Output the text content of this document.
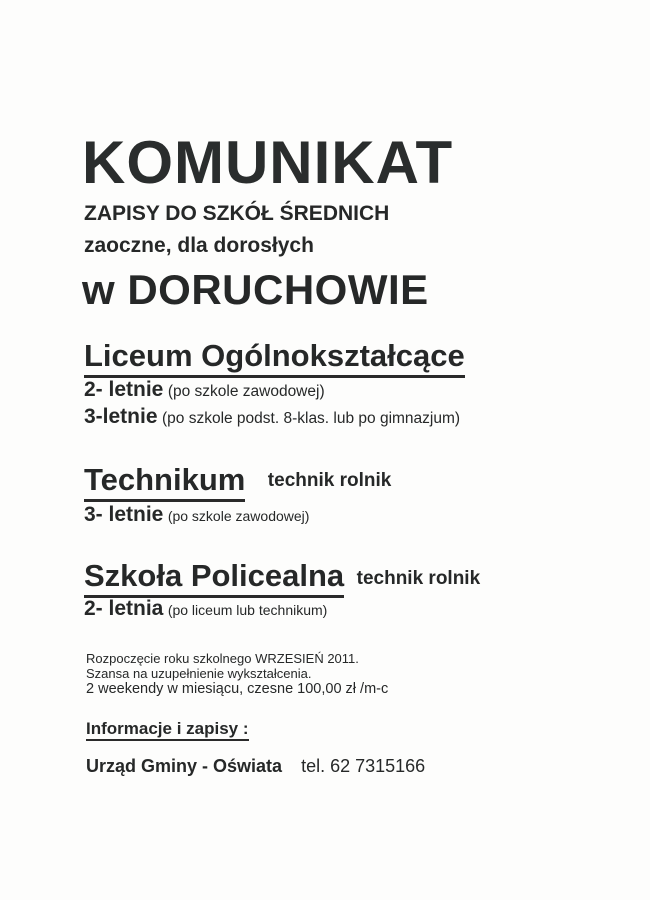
KOMUNIKAT
ZAPISY DO SZKÓŁ ŚREDNICH
zaoczne, dla dorosłych
w DORUCHOWIE
Liceum Ogólnokształcące
2- letnie (po szkole zawodowej)
3-letnie (po szkole podst. 8-klas. lub po gimnazjum)
Technikum technik rolnik
3- letnie (po szkole zawodowej)
Szkoła Policealna technik rolnik
2- letnia (po liceum lub technikum)
Rozpoczęcie roku szkolnego WRZESIEŃ 2011.
Szansa na uzupełnienie wykształcenia.
2 weekendy w miesiącu, czesne 100,00 zł /m-c
Informacje i zapisy :
Urząd Gminy - Oświata tel. 62 7315166
